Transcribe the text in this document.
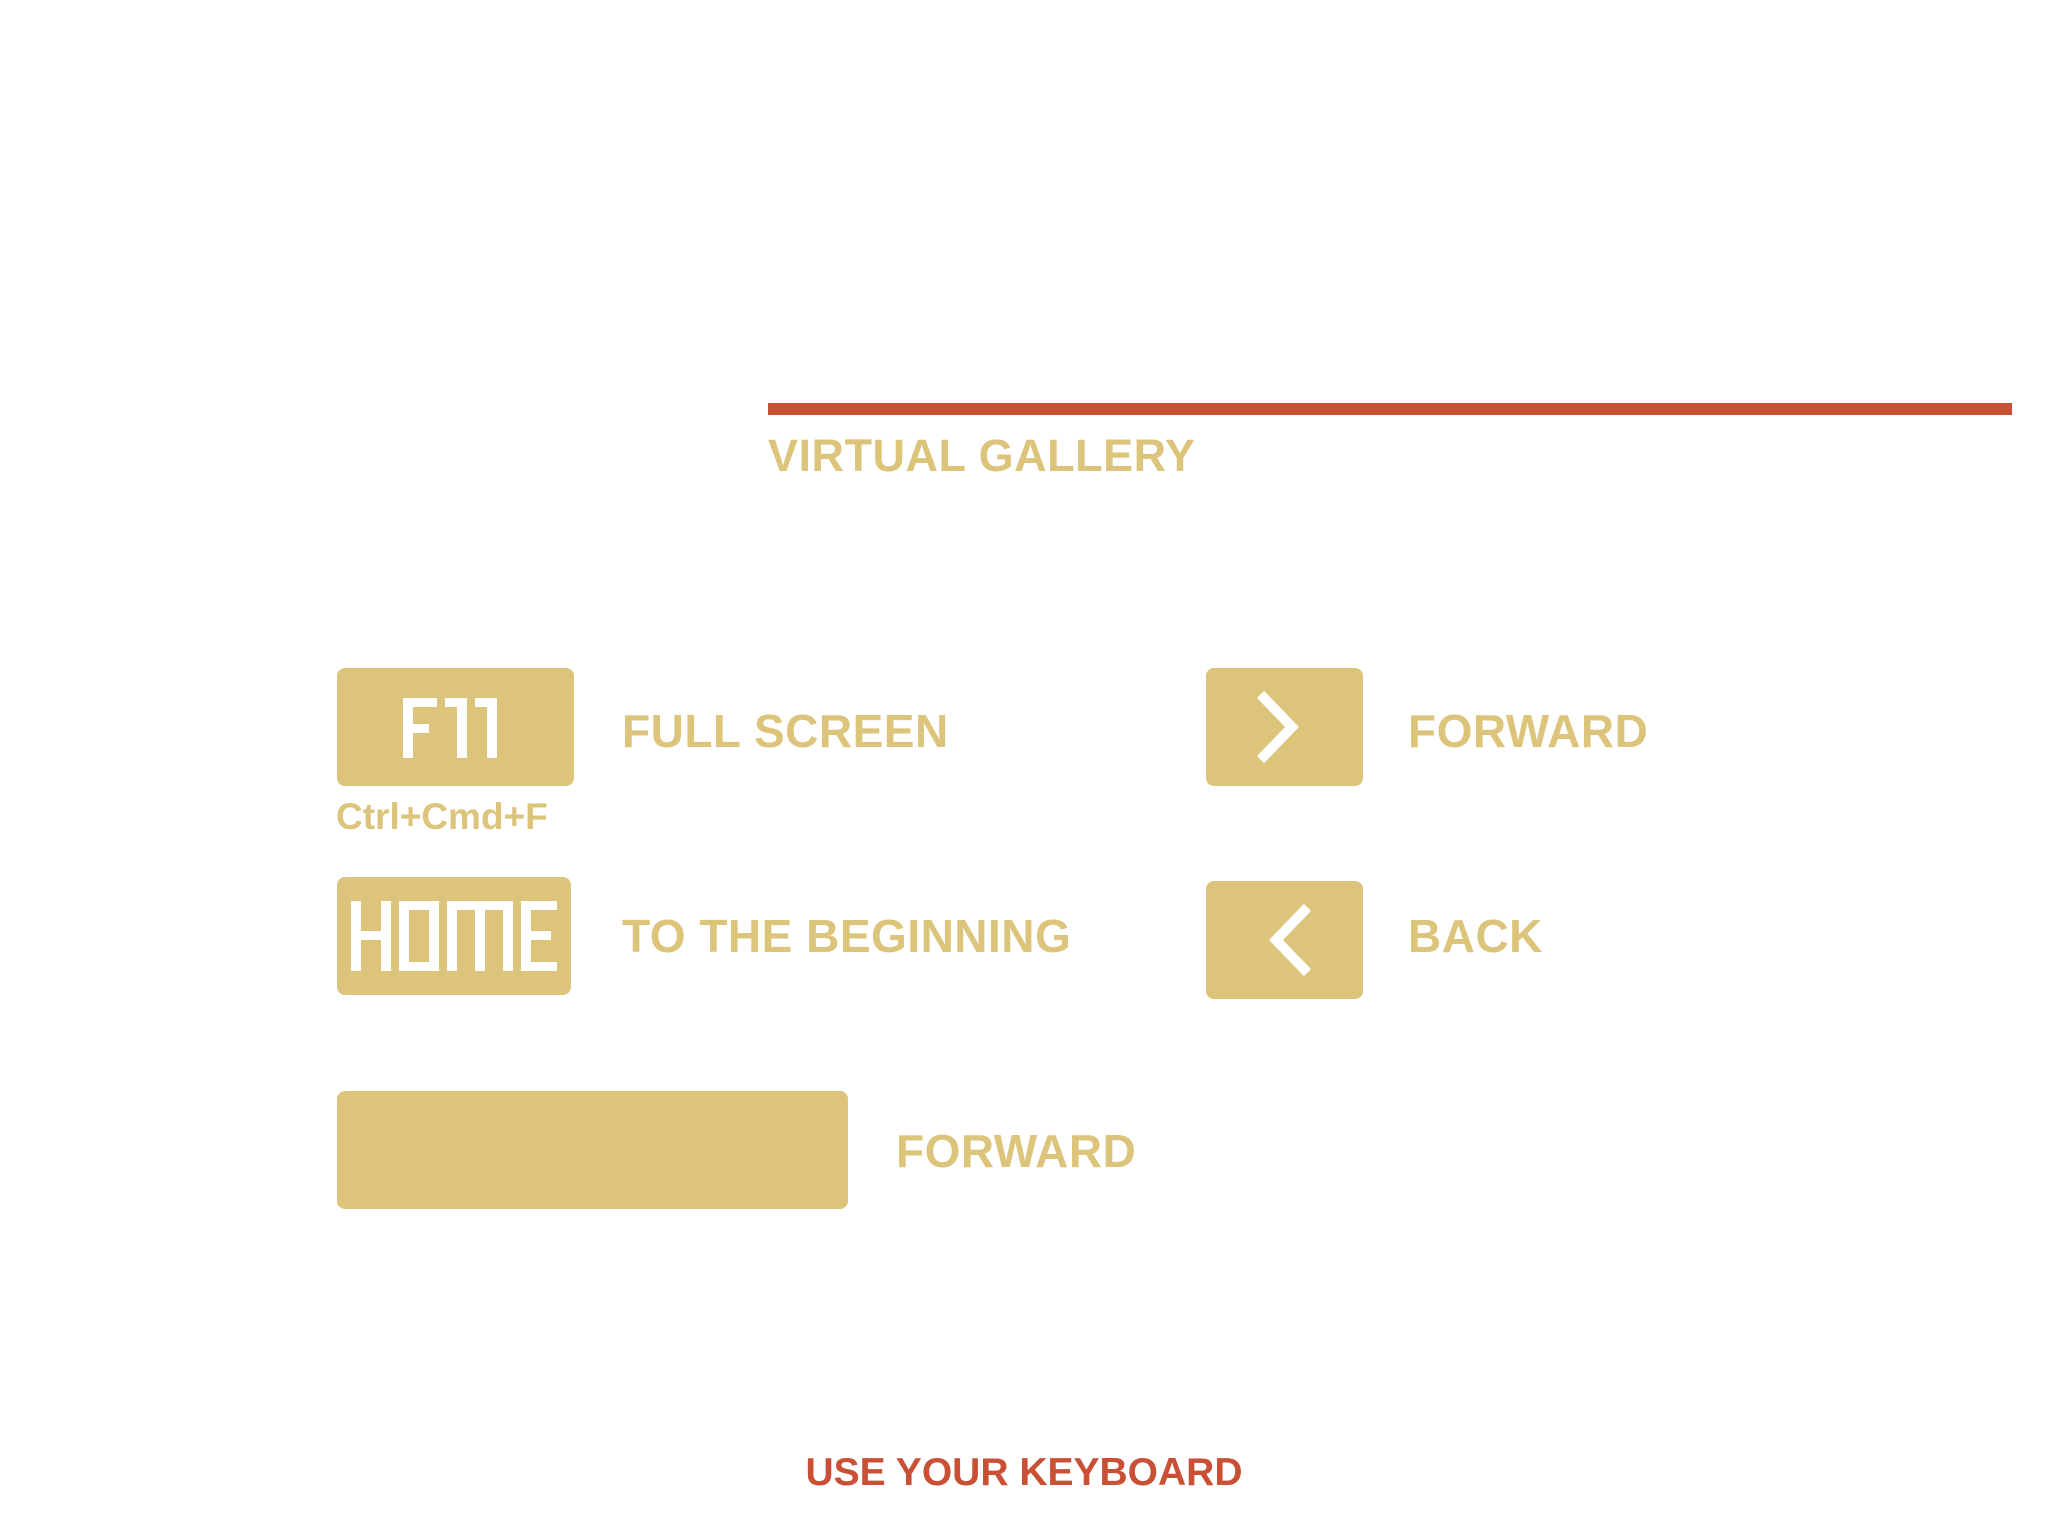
VIRTUAL GALLERY
Ctrl+Cmd+F
FULL SCREEN
TO THE BEGINNING
FORWARD
BACK
FORWARD
USE YOUR KEYBOARD
